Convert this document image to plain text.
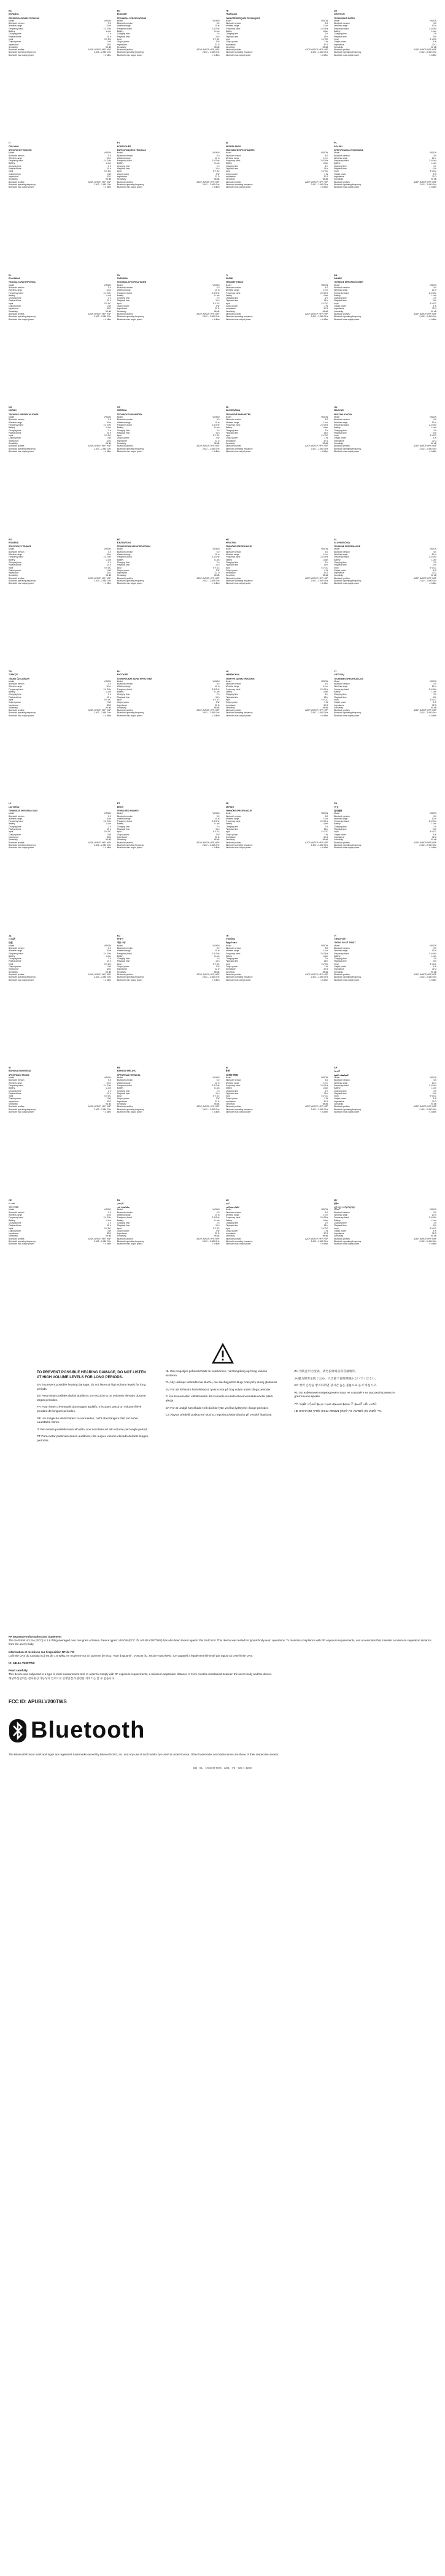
ES
ESPAÑOL
ESPECIFICACIONES TÉCNICAS
Model	VISION
Bluetooth version	5.0
Wireless range	10 m
Frequency band	2.4 GHz
Battery	Li-ion
Charging time	2 h
Playback time	15 h
Input	5 V DC
Output power	3 W
Impedance	32 Ω
Sensitivity	98 dB
Bluetooth profiles	A2DP, AVRCP, HFP, HSP
Bluetooth operating frequency	2.402 – 2.480 GHz
Bluetooth max output power	< 4 dBm
EN
ENGLISH
TECHNICAL SPECIFICATIONS
Model	VISION
Bluetooth version	5.0
Wireless range	10 m
Frequency band	2.4 GHz
Battery	Li-ion
Charging time	2 h
Playback time	15 h
Input	5 V DC
Output power	3 W
Impedance	32 Ω
Sensitivity	98 dB
Bluetooth profiles	A2DP, AVRCP, HFP, HSP
Bluetooth operating frequency	2.402 – 2.480 GHz
Bluetooth max output power	< 4 dBm
FR
FRANÇAIS
CARACTÉRISTIQUES TECHNIQUES
Model	VISION
Bluetooth version	5.0
Wireless range	10 m
Frequency band	2.4 GHz
Battery	Li-ion
Charging time	2 h
Playback time	15 h
Input	5 V DC
Output power	3 W
Impedance	32 Ω
Sensitivity	98 dB
Bluetooth profiles	A2DP, AVRCP, HFP, HSP
Bluetooth operating frequency	2.402 – 2.480 GHz
Bluetooth max output power	< 4 dBm
DE
DEUTSCH
TECHNISCHE DATEN
Model	VISION
Bluetooth version	5.0
Wireless range	10 m
Frequency band	2.4 GHz
Battery	Li-ion
Charging time	2 h
Playback time	15 h
Input	5 V DC
Output power	3 W
Impedance	32 Ω
Sensitivity	98 dB
Bluetooth profiles	A2DP, AVRCP, HFP, HSP
Bluetooth operating frequency	2.402 – 2.480 GHz
Bluetooth max output power	< 4 dBm
IT
ITALIANO
SPECIFICHE TECNICHE
Model	VISION
Bluetooth version	5.0
Wireless range	10 m
Frequency band	2.4 GHz
Battery	Li-ion
Charging time	2 h
Playback time	15 h
Input	5 V DC
Output power	3 W
Impedance	32 Ω
Sensitivity	98 dB
Bluetooth profiles	A2DP, AVRCP, HFP, HSP
Bluetooth operating frequency	2.402 – 2.480 GHz
Bluetooth max output power	< 4 dBm
PT
PORTUGUÊS
ESPECIFICAÇÕES TÉCNICAS
Model	VISION
Bluetooth version	5.0
Wireless range	10 m
Frequency band	2.4 GHz
Battery	Li-ion
Charging time	2 h
Playback time	15 h
Input	5 V DC
Output power	3 W
Impedance	32 Ω
Sensitivity	98 dB
Bluetooth profiles	A2DP, AVRCP, HFP, HSP
Bluetooth operating frequency	2.402 – 2.480 GHz
Bluetooth max output power	< 4 dBm
NL
NEDERLANDS
TECHNISCHE SPECIFICATIES
Model	VISION
Bluetooth version	5.0
Wireless range	10 m
Frequency band	2.4 GHz
Battery	Li-ion
Charging time	2 h
Playback time	15 h
Input	5 V DC
Output power	3 W
Impedance	32 Ω
Sensitivity	98 dB
Bluetooth profiles	A2DP, AVRCP, HFP, HSP
Bluetooth operating frequency	2.402 – 2.480 GHz
Bluetooth max output power	< 4 dBm
PL
POLSKI
SPECYFIKACJA TECHNICZNA
Model	VISION
Bluetooth version	5.0
Wireless range	10 m
Frequency band	2.4 GHz
Battery	Li-ion
Charging time	2 h
Playback time	15 h
Input	5 V DC
Output power	3 W
Impedance	32 Ω
Sensitivity	98 dB
Bluetooth profiles	A2DP, AVRCP, HFP, HSP
Bluetooth operating frequency	2.402 – 2.480 GHz
Bluetooth max output power	< 4 dBm
EL
ΕΛΛΗΝΙΚΑ
ΤΕΧΝΙΚΑ ΧΑΡΑΚΤΗΡΙΣΤΙΚΑ
Model	VISION
Bluetooth version	5.0
Wireless range	10 m
Frequency band	2.4 GHz
Battery	Li-ion
Charging time	2 h
Playback time	15 h
Input	5 V DC
Output power	3 W
Impedance	32 Ω
Sensitivity	98 dB
Bluetooth profiles	A2DP, AVRCP, HFP, HSP
Bluetooth operating frequency	2.402 – 2.480 GHz
Bluetooth max output power	< 4 dBm
SV
SVENSKA
TEKNISKA SPECIFIKATIONER
Model	VISION
Bluetooth version	5.0
Wireless range	10 m
Frequency band	2.4 GHz
Battery	Li-ion
Charging time	2 h
Playback time	15 h
Input	5 V DC
Output power	3 W
Impedance	32 Ω
Sensitivity	98 dB
Bluetooth profiles	A2DP, AVRCP, HFP, HSP
Bluetooth operating frequency	2.402 – 2.480 GHz
Bluetooth max output power	< 4 dBm
FI
SUOMI
TEKNISET TIEDOT
Model	VISION
Bluetooth version	5.0
Wireless range	10 m
Frequency band	2.4 GHz
Battery	Li-ion
Charging time	2 h
Playback time	15 h
Input	5 V DC
Output power	3 W
Impedance	32 Ω
Sensitivity	98 dB
Bluetooth profiles	A2DP, AVRCP, HFP, HSP
Bluetooth operating frequency	2.402 – 2.480 GHz
Bluetooth max output power	< 4 dBm
DA
DANSK
TEKNISKE SPECIFIKATIONER
Model	VISION
Bluetooth version	5.0
Wireless range	10 m
Frequency band	2.4 GHz
Battery	Li-ion
Charging time	2 h
Playback time	15 h
Input	5 V DC
Output power	3 W
Impedance	32 Ω
Sensitivity	98 dB
Bluetooth profiles	A2DP, AVRCP, HFP, HSP
Bluetooth operating frequency	2.402 – 2.480 GHz
Bluetooth max output power	< 4 dBm
NO
NORSK
TEKNISKE SPESIFIKASJONER
Model	VISION
Bluetooth version	5.0
Wireless range	10 m
Frequency band	2.4 GHz
Battery	Li-ion
Charging time	2 h
Playback time	15 h
Input	5 V DC
Output power	3 W
Impedance	32 Ω
Sensitivity	98 dB
Bluetooth profiles	A2DP, AVRCP, HFP, HSP
Bluetooth operating frequency	2.402 – 2.480 GHz
Bluetooth max output power	< 4 dBm
CS
ČEŠTINA
TECHNICKÉ PARAMETRY
Model	VISION
Bluetooth version	5.0
Wireless range	10 m
Frequency band	2.4 GHz
Battery	Li-ion
Charging time	2 h
Playback time	15 h
Input	5 V DC
Output power	3 W
Impedance	32 Ω
Sensitivity	98 dB
Bluetooth profiles	A2DP, AVRCP, HFP, HSP
Bluetooth operating frequency	2.402 – 2.480 GHz
Bluetooth max output power	< 4 dBm
SK
SLOVENČINA
TECHNICKÉ PARAMETRE
Model	VISION
Bluetooth version	5.0
Wireless range	10 m
Frequency band	2.4 GHz
Battery	Li-ion
Charging time	2 h
Playback time	15 h
Input	5 V DC
Output power	3 W
Impedance	32 Ω
Sensitivity	98 dB
Bluetooth profiles	A2DP, AVRCP, HFP, HSP
Bluetooth operating frequency	2.402 – 2.480 GHz
Bluetooth max output power	< 4 dBm
HU
MAGYAR
MŰSZAKI ADATOK
Model	VISION
Bluetooth version	5.0
Wireless range	10 m
Frequency band	2.4 GHz
Battery	Li-ion
Charging time	2 h
Playback time	15 h
Input	5 V DC
Output power	3 W
Impedance	32 Ω
Sensitivity	98 dB
Bluetooth profiles	A2DP, AVRCP, HFP, HSP
Bluetooth operating frequency	2.402 – 2.480 GHz
Bluetooth max output power	< 4 dBm
RO
ROMÂNĂ
SPECIFICAȚII TEHNICE
Model	VISION
Bluetooth version	5.0
Wireless range	10 m
Frequency band	2.4 GHz
Battery	Li-ion
Charging time	2 h
Playback time	15 h
Input	5 V DC
Output power	3 W
Impedance	32 Ω
Sensitivity	98 dB
Bluetooth profiles	A2DP, AVRCP, HFP, HSP
Bluetooth operating frequency	2.402 – 2.480 GHz
Bluetooth max output power	< 4 dBm
BG
БЪЛГАРСКИ
ТЕХНИЧЕСКИ ХАРАКТЕРИСТИКИ
Model	VISION
Bluetooth version	5.0
Wireless range	10 m
Frequency band	2.4 GHz
Battery	Li-ion
Charging time	2 h
Playback time	15 h
Input	5 V DC
Output power	3 W
Impedance	32 Ω
Sensitivity	98 dB
Bluetooth profiles	A2DP, AVRCP, HFP, HSP
Bluetooth operating frequency	2.402 – 2.480 GHz
Bluetooth max output power	< 4 dBm
HR
HRVATSKI
TEHNIČKE SPECIFIKACIJE
Model	VISION
Bluetooth version	5.0
Wireless range	10 m
Frequency band	2.4 GHz
Battery	Li-ion
Charging time	2 h
Playback time	15 h
Input	5 V DC
Output power	3 W
Impedance	32 Ω
Sensitivity	98 dB
Bluetooth profiles	A2DP, AVRCP, HFP, HSP
Bluetooth operating frequency	2.402 – 2.480 GHz
Bluetooth max output power	< 4 dBm
SL
SLOVENŠČINA
TEHNIČNE SPECIFIKACIJE
Model	VISION
Bluetooth version	5.0
Wireless range	10 m
Frequency band	2.4 GHz
Battery	Li-ion
Charging time	2 h
Playback time	15 h
Input	5 V DC
Output power	3 W
Impedance	32 Ω
Sensitivity	98 dB
Bluetooth profiles	A2DP, AVRCP, HFP, HSP
Bluetooth operating frequency	2.402 – 2.480 GHz
Bluetooth max output power	< 4 dBm
TR
TÜRKÇE
TEKNİK ÖZELLİKLER
Model	VISION
Bluetooth version	5.0
Wireless range	10 m
Frequency band	2.4 GHz
Battery	Li-ion
Charging time	2 h
Playback time	15 h
Input	5 V DC
Output power	3 W
Impedance	32 Ω
Sensitivity	98 dB
Bluetooth profiles	A2DP, AVRCP, HFP, HSP
Bluetooth operating frequency	2.402 – 2.480 GHz
Bluetooth max output power	< 4 dBm
RU
РУССКИЙ
ТЕХНИЧЕСКИЕ ХАРАКТЕРИСТИКИ
Model	VISION
Bluetooth version	5.0
Wireless range	10 m
Frequency band	2.4 GHz
Battery	Li-ion
Charging time	2 h
Playback time	15 h
Input	5 V DC
Output power	3 W
Impedance	32 Ω
Sensitivity	98 dB
Bluetooth profiles	A2DP, AVRCP, HFP, HSP
Bluetooth operating frequency	2.402 – 2.480 GHz
Bluetooth max output power	< 4 dBm
UK
УКРАЇНСЬКА
ТЕХНІЧНІ ХАРАКТЕРИСТИКИ
Model	VISION
Bluetooth version	5.0
Wireless range	10 m
Frequency band	2.4 GHz
Battery	Li-ion
Charging time	2 h
Playback time	15 h
Input	5 V DC
Output power	3 W
Impedance	32 Ω
Sensitivity	98 dB
Bluetooth profiles	A2DP, AVRCP, HFP, HSP
Bluetooth operating frequency	2.402 – 2.480 GHz
Bluetooth max output power	< 4 dBm
LT
LIETUVIŲ
TECHNINĖS SPECIFIKACIJOS
Model	VISION
Bluetooth version	5.0
Wireless range	10 m
Frequency band	2.4 GHz
Battery	Li-ion
Charging time	2 h
Playback time	15 h
Input	5 V DC
Output power	3 W
Impedance	32 Ω
Sensitivity	98 dB
Bluetooth profiles	A2DP, AVRCP, HFP, HSP
Bluetooth operating frequency	2.402 – 2.480 GHz
Bluetooth max output power	< 4 dBm
LV
LATVIEŠU
TEHNISKĀS SPECIFIKĀCIJAS
Model	VISION
Bluetooth version	5.0
Wireless range	10 m
Frequency band	2.4 GHz
Battery	Li-ion
Charging time	2 h
Playback time	15 h
Input	5 V DC
Output power	3 W
Impedance	32 Ω
Sensitivity	98 dB
Bluetooth profiles	A2DP, AVRCP, HFP, HSP
Bluetooth operating frequency	2.402 – 2.480 GHz
Bluetooth max output power	< 4 dBm
ET
EESTI
TEHNILISED ANDMED
Model	VISION
Bluetooth version	5.0
Wireless range	10 m
Frequency band	2.4 GHz
Battery	Li-ion
Charging time	2 h
Playback time	15 h
Input	5 V DC
Output power	3 W
Impedance	32 Ω
Sensitivity	98 dB
Bluetooth profiles	A2DP, AVRCP, HFP, HSP
Bluetooth operating frequency	2.402 – 2.480 GHz
Bluetooth max output power	< 4 dBm
SR
SRPSKI
TEHNIČKE SPECIFIKACIJE
Model	VISION
Bluetooth version	5.0
Wireless range	10 m
Frequency band	2.4 GHz
Battery	Li-ion
Charging time	2 h
Playback time	15 h
Input	5 V DC
Output power	3 W
Impedance	32 Ω
Sensitivity	98 dB
Bluetooth profiles	A2DP, AVRCP, HFP, HSP
Bluetooth operating frequency	2.402 – 2.480 GHz
Bluetooth max output power	< 4 dBm
ZH
中文
技术规格
Model	VISION
Bluetooth version	5.0
Wireless range	10 m
Frequency band	2.4 GHz
Battery	Li-ion
Charging time	2 h
Playback time	15 h
Input	5 V DC
Output power	3 W
Impedance	32 Ω
Sensitivity	98 dB
Bluetooth profiles	A2DP, AVRCP, HFP, HSP
Bluetooth operating frequency	2.402 – 2.480 GHz
Bluetooth max output power	< 4 dBm
JA
日本語
仕様
Model	VISION
Bluetooth version	5.0
Wireless range	10 m
Frequency band	2.4 GHz
Battery	Li-ion
Charging time	2 h
Playback time	15 h
Input	5 V DC
Output power	3 W
Impedance	32 Ω
Sensitivity	98 dB
Bluetooth profiles	A2DP, AVRCP, HFP, HSP
Bluetooth operating frequency	2.402 – 2.480 GHz
Bluetooth max output power	< 4 dBm
KO
한국어
제품 사양
Model	VISION
Bluetooth version	5.0
Wireless range	10 m
Frequency band	2.4 GHz
Battery	Li-ion
Charging time	2 h
Playback time	15 h
Input	5 V DC
Output power	3 W
Impedance	32 Ω
Sensitivity	98 dB
Bluetooth profiles	A2DP, AVRCP, HFP, HSP
Bluetooth operating frequency	2.402 – 2.480 GHz
Bluetooth max output power	< 4 dBm
TH
ภาษาไทย
ข้อมูลจำเพาะ
Model	VISION
Bluetooth version	5.0
Wireless range	10 m
Frequency band	2.4 GHz
Battery	Li-ion
Charging time	2 h
Playback time	15 h
Input	5 V DC
Output power	3 W
Impedance	32 Ω
Sensitivity	98 dB
Bluetooth profiles	A2DP, AVRCP, HFP, HSP
Bluetooth operating frequency	2.402 – 2.480 GHz
Bluetooth max output power	< 4 dBm
VI
TIẾNG VIỆT
THÔNG SỐ KỸ THUẬT
Model	VISION
Bluetooth version	5.0
Wireless range	10 m
Frequency band	2.4 GHz
Battery	Li-ion
Charging time	2 h
Playback time	15 h
Input	5 V DC
Output power	3 W
Impedance	32 Ω
Sensitivity	98 dB
Bluetooth profiles	A2DP, AVRCP, HFP, HSP
Bluetooth operating frequency	2.402 – 2.480 GHz
Bluetooth max output power	< 4 dBm
ID
BAHASA INDONESIA
SPESIFIKASI TEKNIS
Model	VISION
Bluetooth version	5.0
Wireless range	10 m
Frequency band	2.4 GHz
Battery	Li-ion
Charging time	2 h
Playback time	15 h
Input	5 V DC
Output power	3 W
Impedance	32 Ω
Sensitivity	98 dB
Bluetooth profiles	A2DP, AVRCP, HFP, HSP
Bluetooth operating frequency	2.402 – 2.480 GHz
Bluetooth max output power	< 4 dBm
MS
BAHASA MELAYU
SPESIFIKASI TEKNIKAL
Model	VISION
Bluetooth version	5.0
Wireless range	10 m
Frequency band	2.4 GHz
Battery	Li-ion
Charging time	2 h
Playback time	15 h
Input	5 V DC
Output power	3 W
Impedance	32 Ω
Sensitivity	98 dB
Bluetooth profiles	A2DP, AVRCP, HFP, HSP
Bluetooth operating frequency	2.402 – 2.480 GHz
Bluetooth max output power	< 4 dBm
HI
हिन्दी
तकनीकी विनिर्देश
Model	VISION
Bluetooth version	5.0
Wireless range	10 m
Frequency band	2.4 GHz
Battery	Li-ion
Charging time	2 h
Playback time	15 h
Input	5 V DC
Output power	3 W
Impedance	32 Ω
Sensitivity	98 dB
Bluetooth profiles	A2DP, AVRCP, HFP, HSP
Bluetooth operating frequency	2.402 – 2.480 GHz
Bluetooth max output power	< 4 dBm
AR
العربية
المواصفات الفنية
Model	VISION
Bluetooth version	5.0
Wireless range	10 m
Frequency band	2.4 GHz
Battery	Li-ion
Charging time	2 h
Playback time	15 h
Input	5 V DC
Output power	3 W
Impedance	32 Ω
Sensitivity	98 dB
Bluetooth profiles	A2DP, AVRCP, HFP, HSP
Bluetooth operating frequency	2.402 – 2.480 GHz
Bluetooth max output power	< 4 dBm
HE
עברית
מפרט טכני
Model	VISION
Bluetooth version	5.0
Wireless range	10 m
Frequency band	2.4 GHz
Battery	Li-ion
Charging time	2 h
Playback time	15 h
Input	5 V DC
Output power	3 W
Impedance	32 Ω
Sensitivity	98 dB
Bluetooth profiles	A2DP, AVRCP, HFP, HSP
Bluetooth operating frequency	2.402 – 2.480 GHz
Bluetooth max output power	< 4 dBm
FA
فارسی
مشخصات فنی
Model	VISION
Bluetooth version	5.0
Wireless range	10 m
Frequency band	2.4 GHz
Battery	Li-ion
Charging time	2 h
Playback time	15 h
Input	5 V DC
Output power	3 W
Impedance	32 Ω
Sensitivity	98 dB
Bluetooth profiles	A2DP, AVRCP, HFP, HSP
Bluetooth operating frequency	2.402 – 2.480 GHz
Bluetooth max output power	< 4 dBm
UR
اردو
تکنیکی وضاحتیں
Model	VISION
Bluetooth version	5.0
Wireless range	10 m
Frequency band	2.4 GHz
Battery	Li-ion
Charging time	2 h
Playback time	15 h
Input	5 V DC
Output power	3 W
Impedance	32 Ω
Sensitivity	98 dB
Bluetooth profiles	A2DP, AVRCP, HFP, HSP
Bluetooth operating frequency	2.402 – 2.480 GHz
Bluetooth max output power	< 4 dBm
MY
မြန်မာ
နည်းပညာ သတ်မှတ်ချက်များ
Model	VISION
Bluetooth version	5.0
Wireless range	10 m
Frequency band	2.4 GHz
Battery	Li-ion
Charging time	2 h
Playback time	15 h
Input	5 V DC
Output power	3 W
Impedance	32 Ω
Sensitivity	98 dB
Bluetooth profiles	A2DP, AVRCP, HFP, HSP
Bluetooth operating frequency	2.402 – 2.480 GHz
Bluetooth max output power	< 4 dBm
TO PREVENT POSSIBLE HEARING DAMAGE, DO NOT LISTEN AT HIGH VOLUME LEVELS FOR LONG PERIODS.
EN To prevent possible hearing damage, do not listen at high volume levels for long periods.
ES Para evitar posibles daños auditivos, no escuche a un volumen elevado durante largos periodos.
FR Pour éviter d'éventuels dommages auditifs, n'écoutez pas à un volume élevé pendant de longues périodes.
DE Um mögliche Hörschäden zu vermeiden, nicht über längere Zeit mit hoher Lautstärke hören.
IT Per evitare possibili danni all'udito, non ascoltare ad alto volume per lunghi periodi.
PT Para evitar possíveis danos auditivos, não ouça a volume elevado durante longos períodos.
NL Om mogelijke gehoorschade te voorkomen, niet langdurig op hoog volume luisteren.
PL Aby uniknąć uszkodzenia słuchu, nie słuchaj przez długi czas przy dużej głośności.
SV För att förhindra hörselskador, lyssna inte på hög volym under långa perioder.
FI Kuulovaurioiden välttämiseksi älä kuuntele suurella äänenvoimakkuudella pitkiä aikoja.
DA For at undgå høreskader må du ikke lytte ved høj lydstyrke i lange perioder.
CS Abyste předešli poškození sluchu, neposlouchejte dlouho při vysoké hlasitosti.
ZH 为防止听力受损，请勿长时间以高音量收听。
JA 聴力障害を防ぐため、大音量で長時間聞かないでください。
KO 청력 손상을 방지하려면 장시간 높은 볼륨으로 듣지 마십시오.
RU Во избежание повреждения слуха не слушайте на высокой громкости длительное время.
AR لتجنب تلف السمع، لا تستمع بمستوى صوت مرتفع لفترات طويلة.
HE כדי למנוע נזק לשמיעה, אין להאזין בעוצמה גבוהה לפרקי זמן ארוכים.
RF Exposure Information and Statement
The SAR limit of USA (FCC) is 1.6 W/kg averaged over one gram of tissue. Device types: VISION (FCC ID: APUBLV200TWS) has also been tested against this SAR limit. This device was tested for typical body-worn operations. To maintain compliance with RF exposure requirements, use accessories that maintain a minimum separation distance from the user's body.
Information et mentions sur l'exposition RF de l'IC
La limite DAS du Canada (IC) est de 1,6 W/kg, en moyenne sur un gramme de tissu. Type d'appareil : VISION (IC: 6815A-V200TWS). Cet appareil a également été testé par rapport à cette limite DAS.
IC: 6815A-V200TWS
Read carefully
This device was subjected to a type of local measurement test. In order to comply with RF exposure requirements, a minimum separation distance of 0 cm must be maintained between the user's body and the device.
해당무선설비는 전파혼신 가능성이 있으므로 인명안전과 관련된 서비스는 할 수 없습니다.
FCC ID: APUBLV200TWS
Bluetooth
The Bluetooth® word mark and logos are registered trademarks owned by Bluetooth SIG, Inc. and any use of such marks by HAMA is under license. Other trademarks and trade names are those of their respective owners.
ED · BL · VISION TWS · 3/21 · V2 · 725 × 4200
